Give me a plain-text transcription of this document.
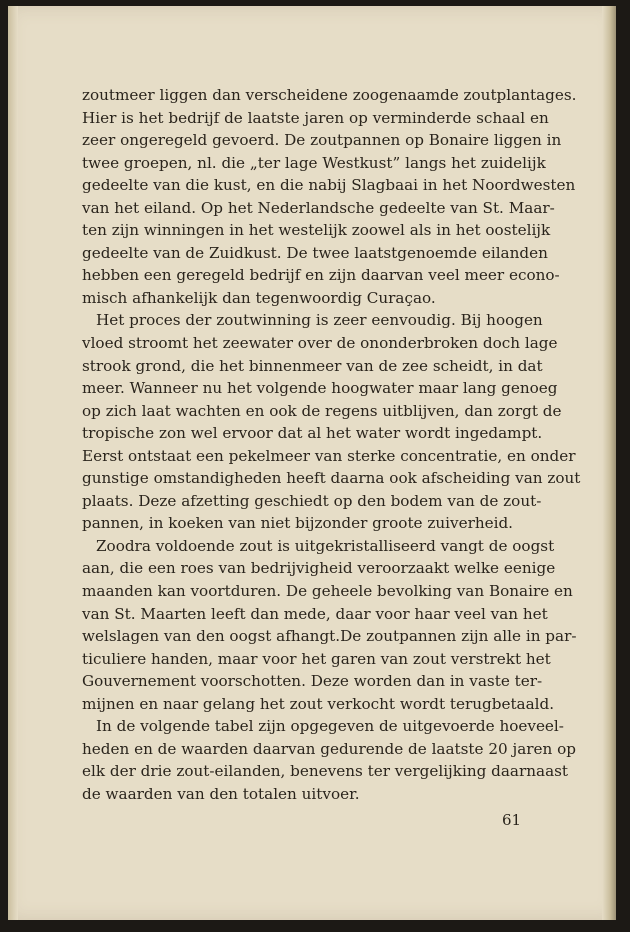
zoutmeer liggen dan verscheidene zoogenaamde zoutplantages.
Hier is het bedrijf de laatste jaren op verminderde schaal en
zeer ongeregeld gevoerd. De zoutpannen op Bonaire liggen in
twee groepen, nl. die „ter lage Westkust” langs het zuidelijk
gedeelte van die kust, en die nabij Slagbaai in het Noordwesten
van het eiland. Op het Nederlandsche gedeelte van St. Maar-
ten zijn winningen in het westelijk zoowel als in het oostelijk
gedeelte van de Zuidkust. De twee laatstgenoemde eilanden
hebben een geregeld bedrijf en zijn daarvan veel meer econo-
misch afhankelijk dan tegenwoordig Curaçao.
Het proces der zoutwinning is zeer eenvoudig. Bij hoogen
vloed stroomt het zeewater over de ononderbroken doch lage
strook grond, die het binnenmeer van de zee scheidt, in dat
meer. Wanneer nu het volgende hoogwater maar lang genoeg
op zich laat wachten en ook de regens uitblijven, dan zorgt de
tropische zon wel ervoor dat al het water wordt ingedampt.
Eerst ontstaat een pekelmeer van sterke concentratie, en onder
gunstige omstandigheden heeft daarna ook afscheiding van zout
plaats. Deze afzetting geschiedt op den bodem van de zout-
pannen, in koeken van niet bijzonder groote zuiverheid.
Zoodra voldoende zout is uitgekristalliseerd vangt de oogst
aan, die een roes van bedrijvigheid veroorzaakt welke eenige
maanden kan voortduren. De geheele bevolking van Bonaire en
van St. Maarten leeft dan mede, daar voor haar veel van het
welslagen van den oogst afhangt.De zoutpannen zijn alle in par-
ticuliere handen, maar voor het garen van zout verstrekt het
Gouvernement voorschotten. Deze worden dan in vaste ter-
mijnen en naar gelang het zout verkocht wordt terugbetaald.
In de volgende tabel zijn opgegeven de uitgevoerde hoeveel-
heden en de waarden daarvan gedurende de laatste 20 jaren op
elk der drie zout-eilanden, benevens ter vergelijking daarnaast
de waarden van den totalen uitvoer.
61
